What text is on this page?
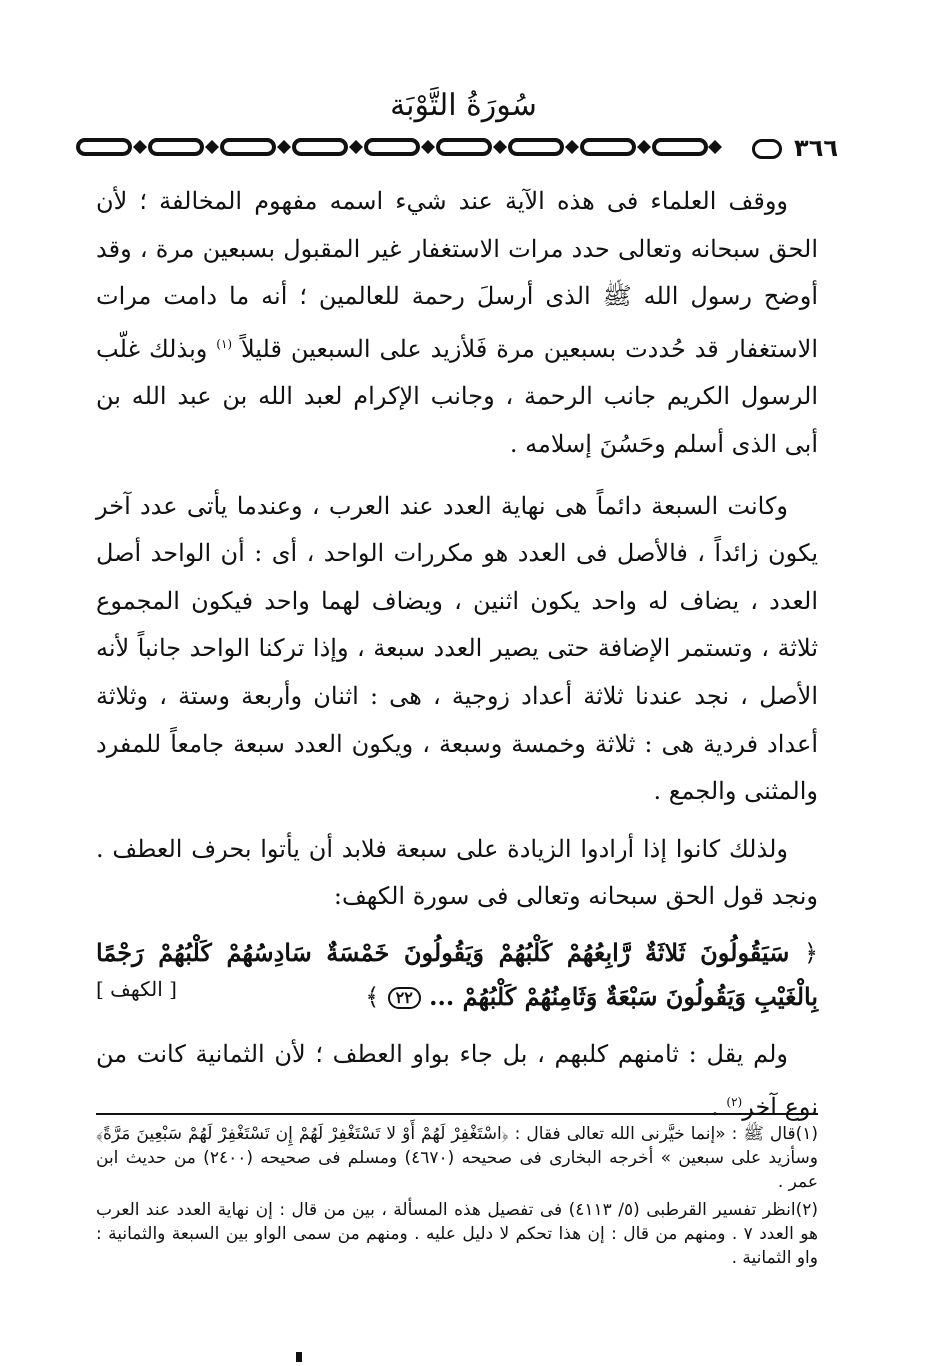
سُورَةُ التَّوْبَة
٣٦٦

ووقف العلماء فى هذه الآية عند شيء اسمه مفهوم المخالفة ؛ لأن الحق سبحانه وتعالى حدد مرات الاستغفار غير المقبول بسبعين مرة ، وقد أوضح رسول الله ﷺ الذى أرسلَ رحمة للعالمين ؛ أنه ما دامت مرات الاستغفار قد حُددت بسبعين مرة فَلأزيد على السبعين قليلاً $^{(١)}$ وبذلك غلّب الرسول الكريم جانب الرحمة ، وجانب الإكرام لعبد الله بن عبد الله بن أبى الذى أسلم وحَسُنَ إسلامه .

وكانت السبعة دائماً هى نهاية العدد عند العرب ، وعندما يأتى عدد آخر يكون زائداً ، فالأصل فى العدد هو مكررات الواحد ، أى : أن الواحد أصل العدد ، يضاف له واحد يكون اثنين ، ويضاف لهما واحد فيكون المجموع ثلاثة ، وتستمر الإضافة حتى يصير العدد سبعة ، وإذا تركنا الواحد جانباً لأنه الأصل ، نجد عندنا ثلاثة أعداد زوجية ، هى : اثنان وأربعة وستة ، وثلاثة أعداد فردية هى : ثلاثة وخمسة وسبعة ، ويكون العدد سبعة جامعاً للمفرد والمثنى والجمع .

ولذلك كانوا إذا أرادوا الزيادة على سبعة فلابد أن يأتوا بحرف العطف . ونجد قول الحق سبحانه وتعالى فى سورة الكهف:

﴿ سَيَقُولُونَ ثَلاثَةٌ رَّابِعُهُمْ كَلْبُهُمْ وَيَقُولُونَ خَمْسَةٌ سَادِسُهُمْ كَلْبُهُمْ رَجْمًا بِالْغَيْبِ وَيَقُولُونَ سَبْعَةٌ وَثَامِنُهُمْ كَلْبُهُمْ ... ٢٢ ﴾
[ الكهف ]

ولم يقل : ثامنهم كلبهم ، بل جاء بواو العطف ؛ لأن الثمانية كانت من نوع آخر$^{(٢)}$ .

(١)قال ﷺ : «إنما خيَّرنى الله تعالى فقال : ﴿اسْتَغْفِرْ لَهُمْ أَوْ لا تَسْتَغْفِرْ لَهُمْ إِن تَسْتَغْفِرْ لَهُمْ سَبْعِينَ مَرَّةً﴾ وسأزيد على سبعين » أخرجه البخارى فى صحيحه (٤٦٧٠) ومسلم فى صحيحه (٢٤٠٠) من حديث ابن عمر .

(٢)انظر تفسير القرطبى (٥/ ٤١١٣) فى تفصيل هذه المسألة ، بين من قال : إن نهاية العدد عند العرب هو العدد ٧ . ومنهم من قال : إن هذا تحكم لا دليل عليه . ومنهم من سمى الواو بين السبعة والثمانية : واو الثمانية .
